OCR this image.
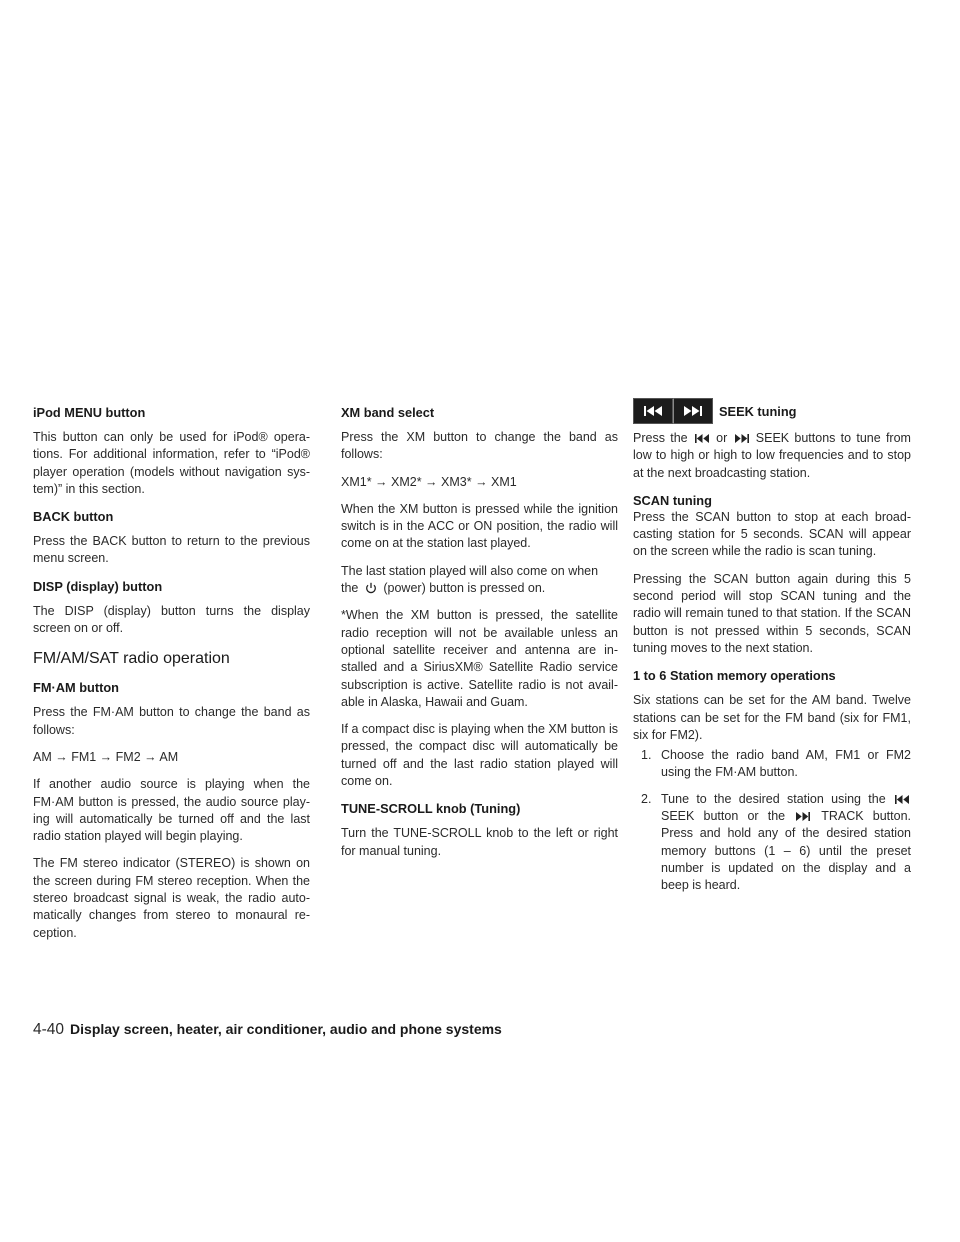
iPod MENU button
This button can only be used for iPod® opera-tions. For additional information, refer to “iPod® player operation (models without navigation sys-tem)” in this section.
BACK button
Press the BACK button to return to the previous menu screen.
DISP (display) button
The DISP (display) button turns the display screen on or off.
FM/AM/SAT radio operation
FM·AM button
Press the FM·AM button to change the band as follows:
AM → FM1 → FM2 → AM
If another audio source is playing when the FM·AM button is pressed, the audio source play-ing will automatically be turned off and the last radio station played will begin playing.
The FM stereo indicator (STEREO) is shown on the screen during FM stereo reception. When the stereo broadcast signal is weak, the radio auto-matically changes from stereo to monaural re-ception.
XM band select
Press the XM button to change the band as follows:
XM1* → XM2* → XM3* → XM1
When the XM button is pressed while the ignition switch is in the ACC or ON position, the radio will come on at the station last played.
The last station played will also come on when the (power) button is pressed on.
*When the XM button is pressed, the satellite radio reception will not be available unless an optional satellite receiver and antenna are in-stalled and a SiriusXM® Satellite Radio service subscription is active. Satellite radio is not avail-able in Alaska, Hawaii and Guam.
If a compact disc is playing when the XM button is pressed, the compact disc will automatically be turned off and the last radio station played will come on.
TUNE-SCROLL knob (Tuning)
Turn the TUNE-SCROLL knob to the left or right for manual tuning.
SEEK tuning
Press the or SEEK buttons to tune from low to high or high to low frequencies and to stop at the next broadcasting station.
SCAN tuning
Press the SCAN button to stop at each broad-casting station for 5 seconds. SCAN will appear on the screen while the radio is scan tuning.
Pressing the SCAN button again during this 5 second period will stop SCAN tuning and the radio will remain tuned to that station. If the SCAN button is not pressed within 5 seconds, SCAN tuning moves to the next station.
1 to 6 Station memory operations
Six stations can be set for the AM band. Twelve stations can be set for the FM band (six for FM1, six for FM2).
1. Choose the radio band AM, FM1 or FM2 using the FM·AM button.
2. Tune to the desired station using the
SEEK button or the	TRACK button. Press and hold any of the desired station memory buttons (1 – 6) until the preset number is updated on the display and a beep is heard.
4-40 Display screen, heater, air conditioner, audio and phone systems
